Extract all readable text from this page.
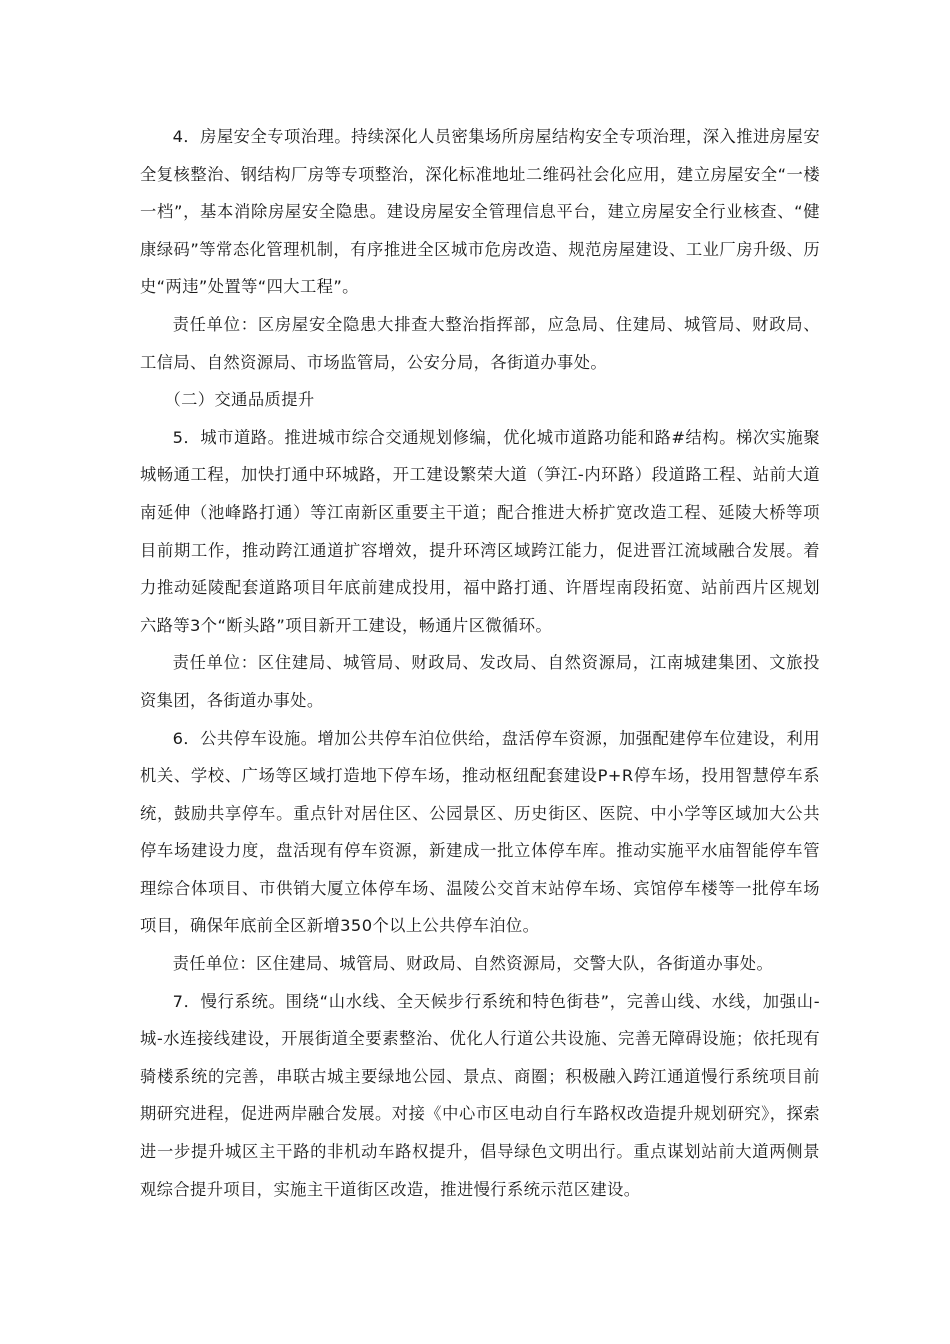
4．房屋安全专项治理。持续深化人员密集场所房屋结构安全专项治理，深入推进房屋安全复核整治、钢结构厂房等专项整治，深化标准地址二维码社会化应用，建立房屋安全“一楼一档”，基本消除房屋安全隐患。建设房屋安全管理信息平台，建立房屋安全行业核查、“健康绿码”等常态化管理机制，有序推进全区城市危房改造、规范房屋建设、工业厂房升级、历史“两违”处置等“四大工程”。

责任单位：区房屋安全隐患大排查大整治指挥部，应急局、住建局、城管局、财政局、工信局、自然资源局、市场监管局，公安分局，各街道办事处。

（二）交通品质提升

5．城市道路。推进城市综合交通规划修编，优化城市道路功能和路#结构。梯次实施聚城畅通工程，加快打通中环城路，开工建设繁荣大道（笋江-内环路）段道路工程、站前大道南延伸（池峰路打通）等江南新区重要主干道；配合推进大桥扩宽改造工程、延陵大桥等项目前期工作，推动跨江通道扩容增效，提升环湾区域跨江能力，促进晋江流域融合发展。着力推动延陵配套道路项目年底前建成投用，福中路打通、许厝埕南段拓宽、站前西片区规划六路等3个“断头路”项目新开工建设，畅通片区微循环。

责任单位：区住建局、城管局、财政局、发改局、自然资源局，江南城建集团、文旅投资集团，各街道办事处。

6．公共停车设施。增加公共停车泊位供给，盘活停车资源，加强配建停车位建设，利用机关、学校、广场等区域打造地下停车场，推动枢纽配套建设P+R停车场，投用智慧停车系统，鼓励共享停车。重点针对居住区、公园景区、历史街区、医院、中小学等区域加大公共停车场建设力度，盘活现有停车资源，新建成一批立体停车库。推动实施平水庙智能停车管理综合体项目、市供销大厦立体停车场、温陵公交首末站停车场、宾馆停车楼等一批停车场项目，确保年底前全区新增350个以上公共停车泊位。

责任单位：区住建局、城管局、财政局、自然资源局，交警大队，各街道办事处。

7．慢行系统。围绕“山水线、全天候步行系统和特色街巷”，完善山线、水线，加强山-城-水连接线建设，开展街道全要素整治、优化人行道公共设施、完善无障碍设施；依托现有骑楼系统的完善，串联古城主要绿地公园、景点、商圈；积极融入跨江通道慢行系统项目前期研究进程，促进两岸融合发展。对接《中心市区电动自行车路权改造提升规划研究》，探索进一步提升城区主干路的非机动车路权提升，倡导绿色文明出行。重点谋划站前大道两侧景观综合提升项目，实施主干道街区改造，推进慢行系统示范区建设。
